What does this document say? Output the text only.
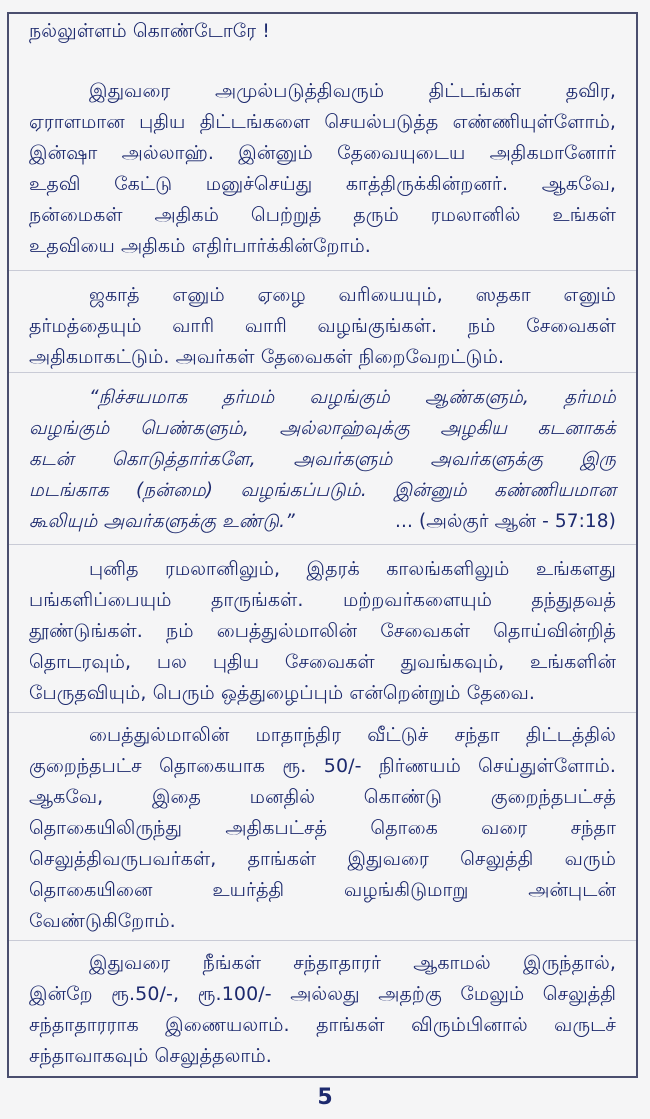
நல்லுள்ளம் கொண்டோரே !
இதுவரை அமுல்படுத்திவரும் திட்டங்கள் தவிர,
ஏராளமான புதிய திட்டங்களை செயல்படுத்த எண்ணியுள்ளோம்,
இன்ஷா அல்லாஹ். இன்னும் தேவையுடைய அதிகமானோர்
உதவி கேட்டு மனுச்செய்து காத்திருக்கின்றனர். ஆகவே,
நன்மைகள் அதிகம் பெற்றுத் தரும் ரமலானில் உங்கள்
உதவியை அதிகம் எதிர்பார்க்கின்றோம்.
ஜகாத் எனும் ஏழை வரியையும், ஸதகா எனும்
தர்மத்தையும் வாரி வாரி வழங்குங்கள். நம் சேவைகள்
அதிகமாகட்டும். அவர்கள் தேவைகள் நிறைவேறட்டும்.
“நிச்சயமாக தர்மம் வழங்கும் ஆண்களும், தர்மம்
வழங்கும் பெண்களும், அல்லாஹ்வுக்கு அழகிய கடனாகக்
கடன் கொடுத்தார்களே, அவர்களும் அவர்களுக்கு இரு
மடங்காக (நன்மை) வழங்கப்படும். இன்னும் கண்ணியமான
கூலியும் அவர்களுக்கு உண்டு.”	... (அல்குர் ஆன் - 57:18)
புனித ரமலானிலும், இதரக் காலங்களிலும் உங்களது
பங்களிப்பையும் தாருங்கள். மற்றவர்களையும் தந்துதவத்
தூண்டுங்கள். நம் பைத்துல்மாலின் சேவைகள் தொய்வின்றித்
தொடரவும், பல புதிய சேவைகள் துவங்கவும், உங்களின்
பேருதவியும், பெரும் ஒத்துழைப்பும் என்றென்றும் தேவை.
பைத்துல்மாலின் மாதாந்திர வீட்டுச் சந்தா திட்டத்தில்
குறைந்தபட்ச தொகையாக ரூ. 50/- நிர்ணயம் செய்துள்ளோம்.
ஆகவே, இதை மனதில் கொண்டு குறைந்தபட்சத்
தொகையிலிருந்து அதிகபட்சத் தொகை வரை சந்தா
செலுத்திவருபவர்கள், தாங்கள் இதுவரை செலுத்தி வரும்
தொகையினை உயர்த்தி வழங்கிடுமாறு அன்புடன்
வேண்டுகிறோம்.
இதுவரை நீங்கள் சந்தாதாரர் ஆகாமல் இருந்தால்,
இன்றே ரூ.50/-, ரூ.100/- அல்லது அதற்கு மேலும் செலுத்தி
சந்தாதாரராக இணையலாம். தாங்கள் விரும்பினால் வருடச்
சந்தாவாகவும் செலுத்தலாம்.
5
